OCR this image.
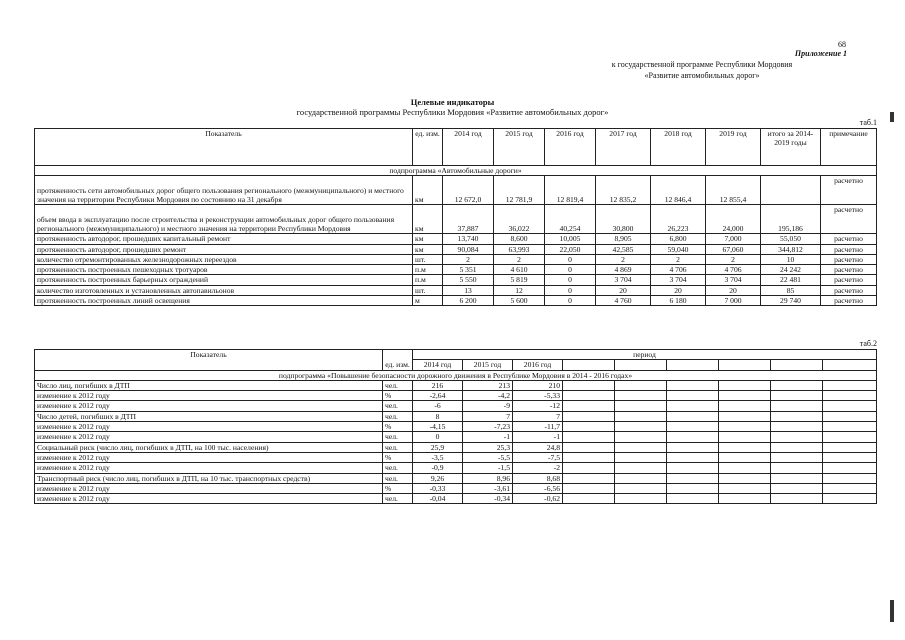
68
Приложение 1
к государственной программе Республики Мордовия
«Развитие автомобильных дорог»
Целевые индикаторы
государственной программы Республики Мордовия «Развитие автомобильных дорог»
таб.1
Показатель	ед. изм.	2014 год	2015 год	2016 год	2017 год	2018 год	2019 год	итого за 2014-2019 годы	примечание
подпрограмма «Автомобильные дороги»									
протяженность сети автомобильных дорог общего пользования регионального (межмуниципального) и местного значения на территории Республики Мордовия по состоянию на 31 декабря	км	12 672,0	12 781,9	12 819,4	12 835,2	12 846,4	12 855,4		расчетно
объем ввода в эксплуатацию после строительства и реконструкции автомобильных дорог общего пользования регионального (межмуниципального) и местного значения на территории Республики Мордовия	км	37,887	36,022	40,254	30,800	26,223	24,000	195,186	расчетно
протяженность автодорог, прошедших капитальный ремонт	км	13,740	8,600	10,005	8,905	6,800	7,000	55,050	расчетно
протяженность автодорог, прошедших ремонт	км	90,084	63,993	22,050	42,585	59,040	67,060	344,812	расчетно
количество отремонтированных железнодорожных переездов	шт.	2	2	0	2	2	2	10	расчетно
протяженность построенных пешеходных тротуаров	п.м	5 351	4 610	0	4 869	4 706	4 706	24 242	расчетно
протяженность построенных барьерных ограждений	п.м	5 550	5 819	0	3 704	3 704	3 704	22 481	расчетно
количество изготовленных и установленных автопавильонов	шт.	13	12	0	20	20	20	85	расчетно
протяженность построенных линий освещения	м	6 200	5 600	0	4 760	6 180	7 000	29 740	расчетно
таб.2
Показатель	ед. изм.	период								
		2014 год	2015 год	2016 год						
подпрограмма «Повышение безопасности дорожного движения в Республике Мордовия в 2014 - 2016 годах»										
Число лиц, погибших в ДТП	чел.	216	213	210						
изменение к 2012 году	%	-2,64	-4,2	-5,33						
изменение к 2012 году	чел.	-6	-9	-12						
Число детей, погибших в ДТП	чел.	8	7	7						
изменение к 2012 году	%	-4,15	-7,23	-11,7						
изменение к 2012 году	чел.	0	-1	-1						
Социальный риск (число лиц, погибших в ДТП, на 100 тыс. населения)	чел.	25,9	25,3	24,8						
изменение к 2012 году	%	-3,5	-5,5	-7,5						
изменение к 2012 году	чел.	-0,9	-1,5	-2						
Транспортный риск (число лиц, погибших в ДТП, на 10 тыс. транспортных средств)	чел.	9,26	8,96	8,68						
изменение к 2012 году	%	-0,33	-3,61	-6,56						
изменение к 2012 году	чел.	-0,04	-0,34	-0,62						
